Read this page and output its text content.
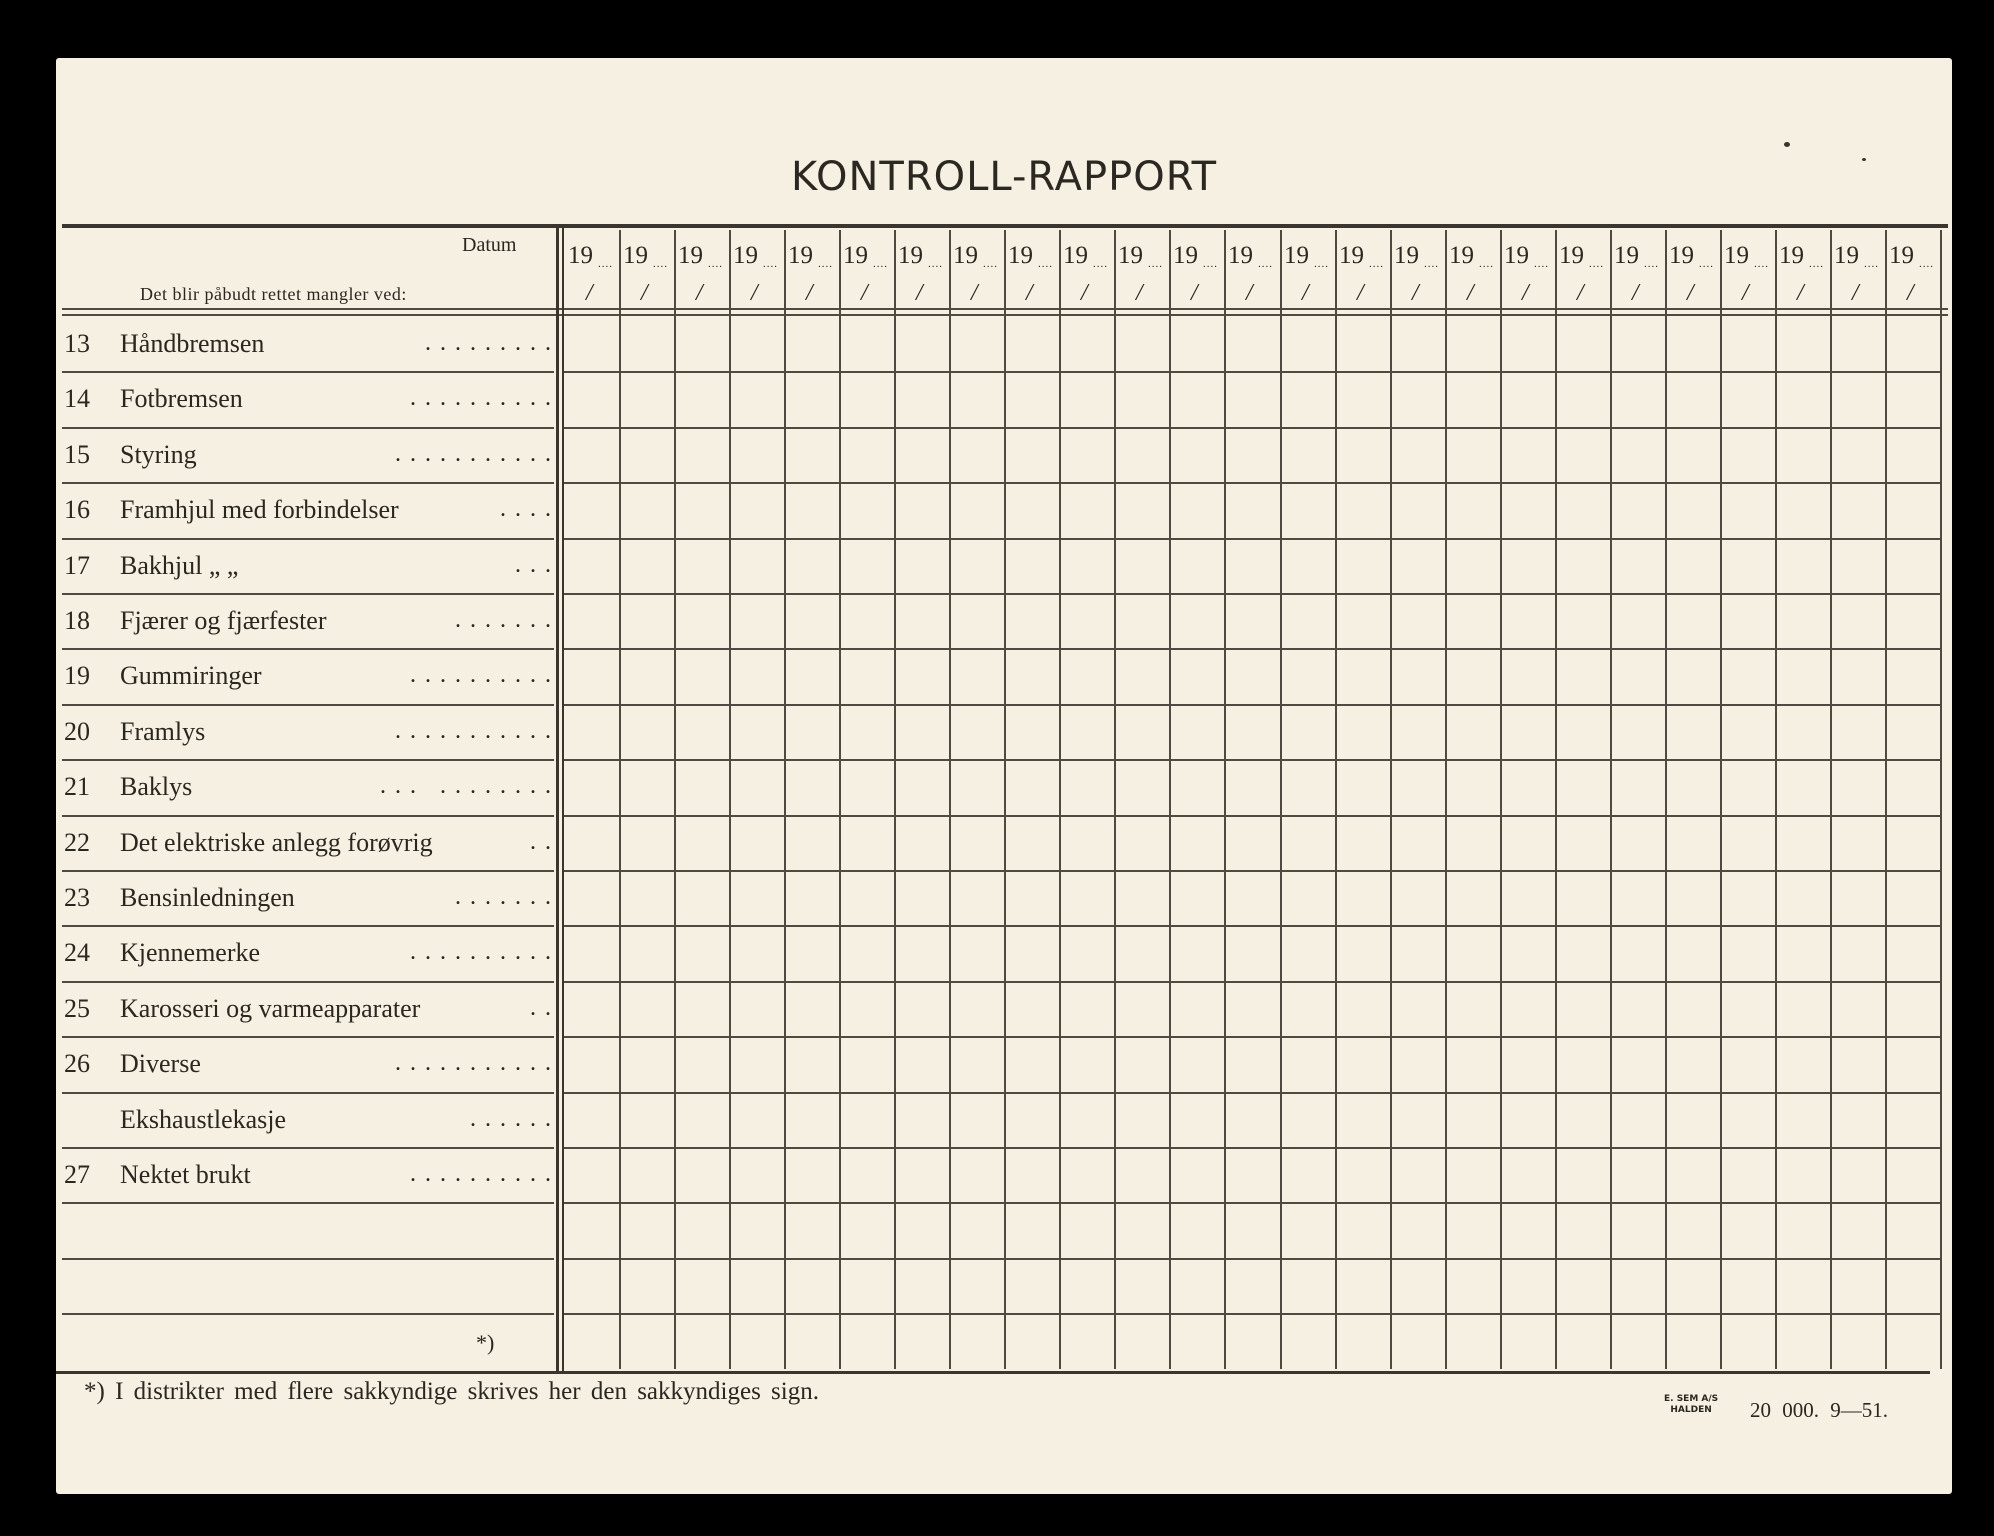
KONTROLL-RAPPORT
Datum
Det blir påbudt rettet mangler ved:
19 ....
/
19 ....
/
19 ....
/
19 ....
/
19 ....
/
19 ....
/
19 ....
/
19 ....
/
19 ....
/
19 ....
/
19 ....
/
19 ....
/
19 ....
/
19 ....
/
19 ....
/
19 ....
/
19 ....
/
19 ....
/
19 ....
/
19 ....
/
19 ....
/
19 ....
/
19 ....
/
19 ....
/
19 ....
/
13 Håndbremsen	.........
14 Fotbremsen	..........
15 Styring	...........
16 Framhjul med forbindelser	....
17 Bakhjul „ „	...
18 Fjærer og fjærfester	.......
19 Gummiringer	..........
20 Framlys	...........
21 Baklys	... ........
22 Det elektriske anlegg forøvrig	..
23 Bensinledningen	.......
24 Kjennemerke	..........
25 Karosseri og varmeapparater	..
26 Diverse	...........
Ekshaustlekasje	......
27 Nektet brukt	..........
*)
*) I distrikter med flere sakkyndige skrives her den sakkyndiges sign.	E. SEM A/S
HALDEN	20 000. 9—51.
